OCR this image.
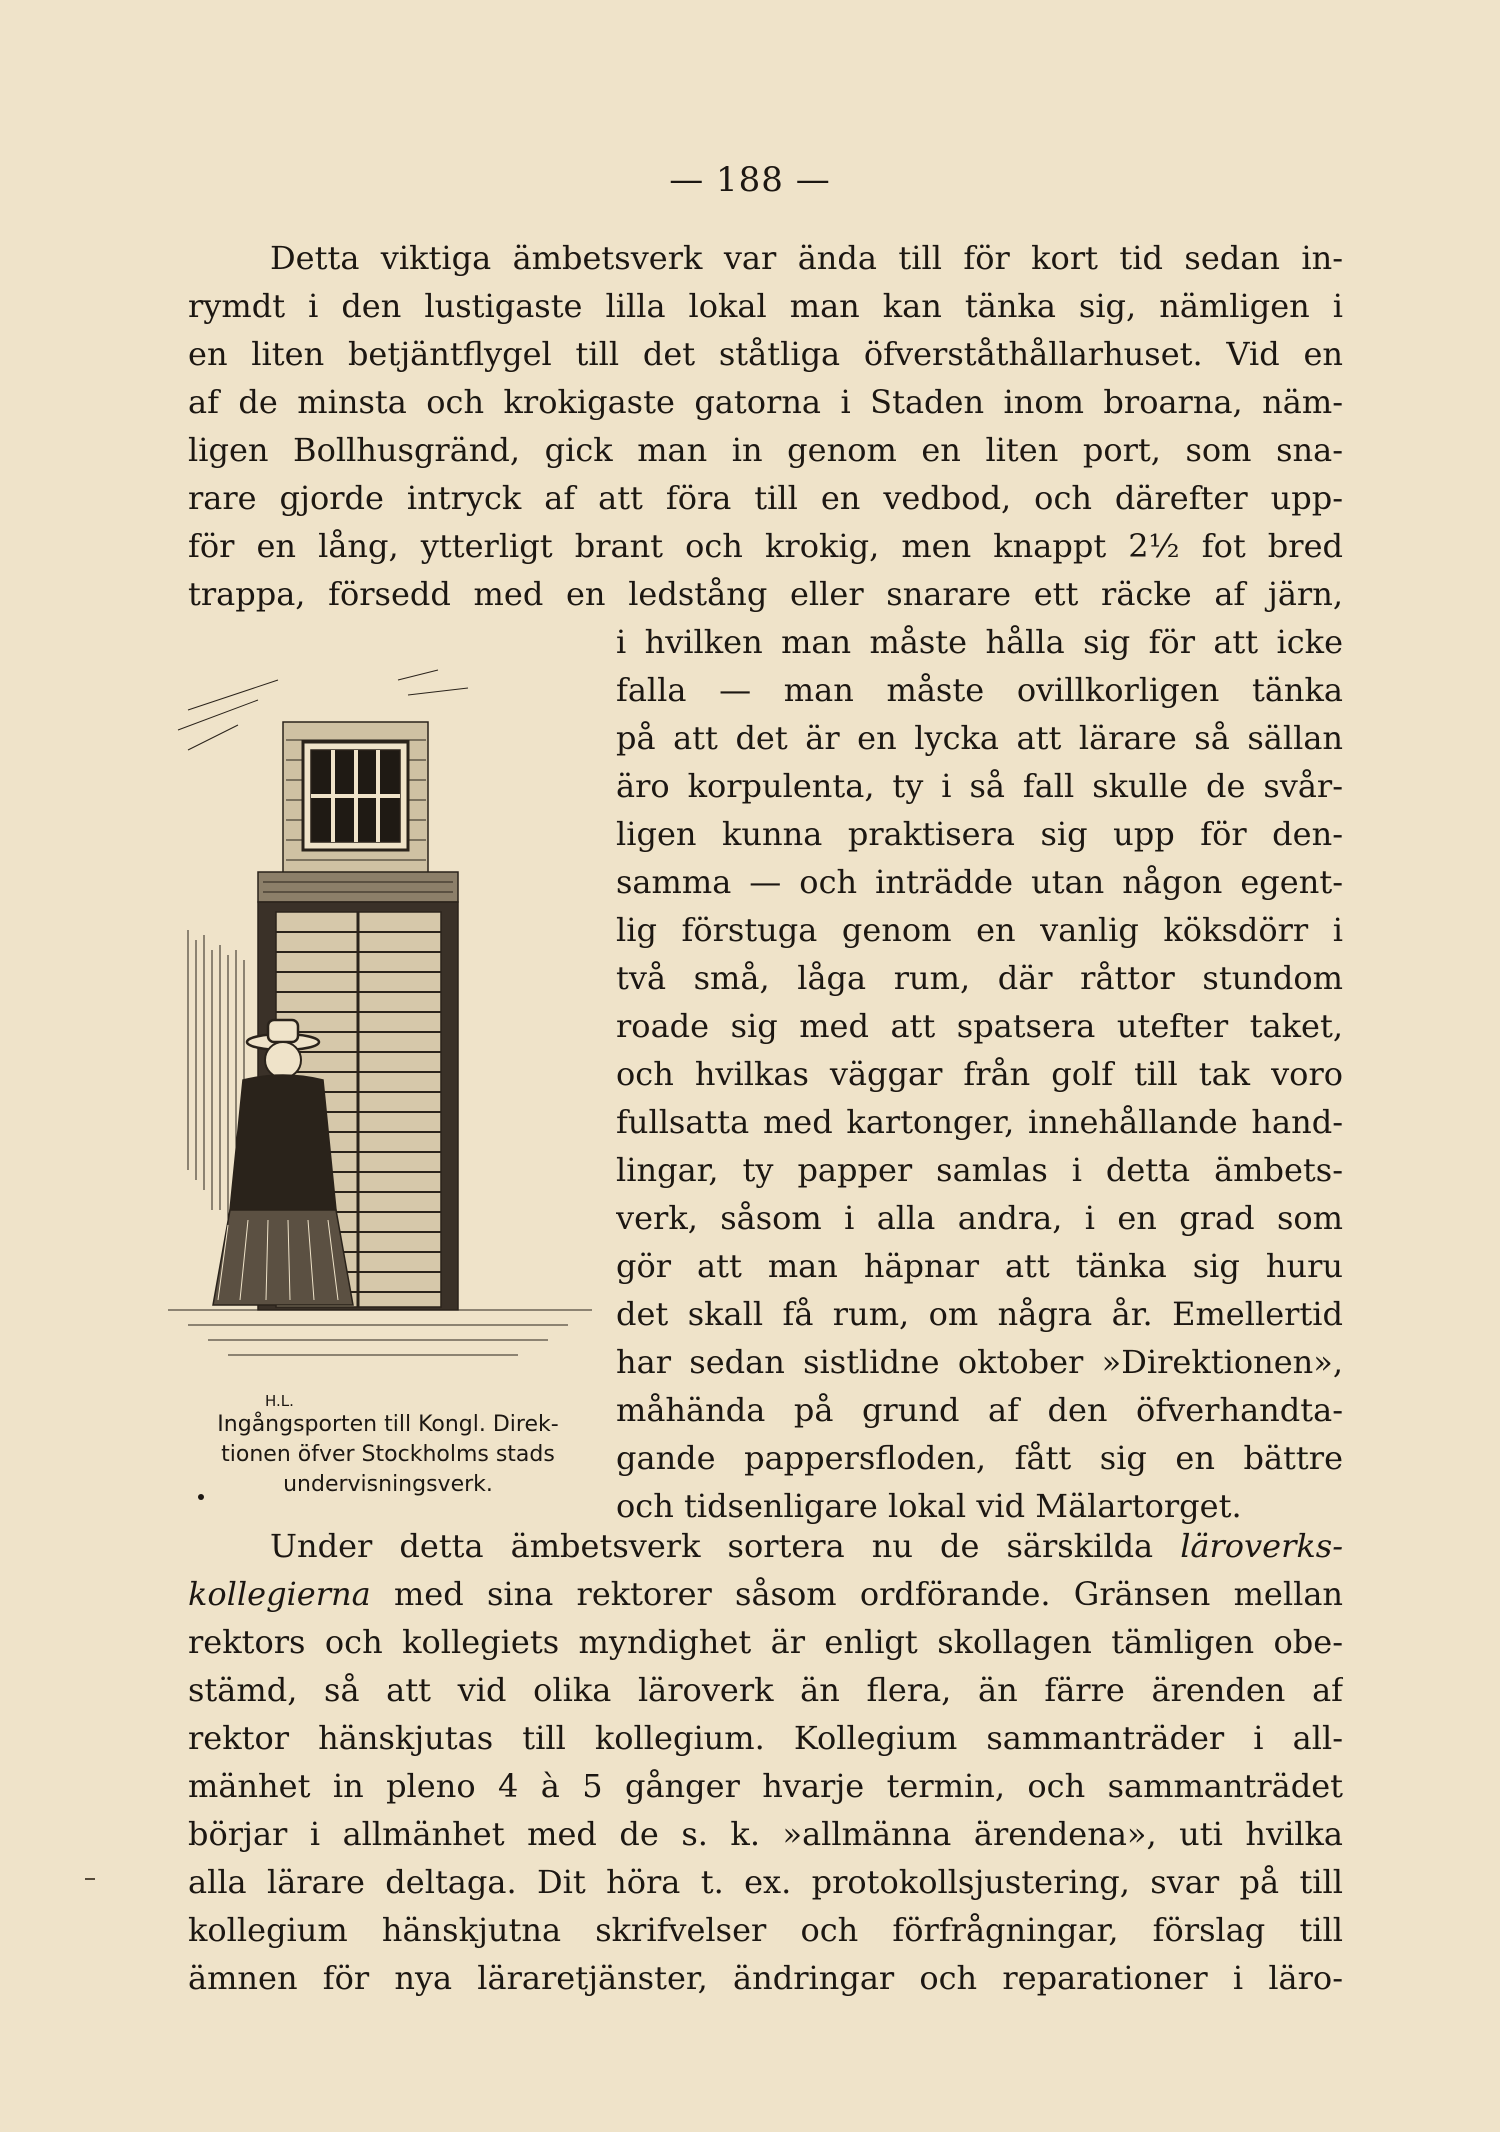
— 188 —
Detta viktiga ämbetsverk var ända till för kort tid sedan in-
rymdt i den lustigaste lilla lokal man kan tänka sig, nämligen i
en liten betjäntflygel till det ståtliga öfverståthållarhuset. Vid en
af de minsta och krokigaste gatorna i Staden inom broarna, näm-
ligen Bollhusgränd, gick man in genom en liten port, som sna-
rare gjorde intryck af att föra till en vedbod, och därefter upp-
för en lång, ytterligt brant och krokig, men knappt 2½ fot bred
trappa, försedd med en ledstång eller snarare ett räcke af järn,
i hvilken man måste hålla sig för att icke
falla — man måste ovillkorligen tänka
på att det är en lycka att lärare så sällan
äro korpulenta, ty i så fall skulle de svår-
ligen kunna praktisera sig upp för den-
samma — och inträdde utan någon egent-
lig förstuga genom en vanlig köksdörr i
två små, låga rum, där råttor stundom
roade sig med att spatsera utefter taket,
och hvilkas väggar från golf till tak voro
fullsatta med kartonger, innehållande hand-
lingar, ty papper samlas i detta ämbets-
verk, såsom i alla andra, i en grad som
gör att man häpnar att tänka sig huru
det skall få rum, om några år. Emellertid
har sedan sistlidne oktober »Direktionen»,
måhända på grund af den öfverhandta-
gande pappersfloden, fått sig en bättre
och tidsenligare lokal vid Mälartorget.
H.L.
Ingångsporten till Kongl. Direk-
tionen öfver Stockholms stads
undervisningsverk.
Under detta ämbetsverk sortera nu de särskilda läroverks-
kollegierna med sina rektorer såsom ordförande. Gränsen mellan
rektors och kollegiets myndighet är enligt skollagen tämligen obe-
stämd, så att vid olika läroverk än flera, än färre ärenden af
rektor hänskjutas till kollegium. Kollegium sammanträder i all-
mänhet in pleno 4 à 5 gånger hvarje termin, och sammanträdet
börjar i allmänhet med de s. k. »allmänna ärendena», uti hvilka
alla lärare deltaga. Dit höra t. ex. protokollsjustering, svar på till
kollegium hänskjutna skrifvelser och förfrågningar, förslag till
ämnen för nya läraretjänster, ändringar och reparationer i läro-
